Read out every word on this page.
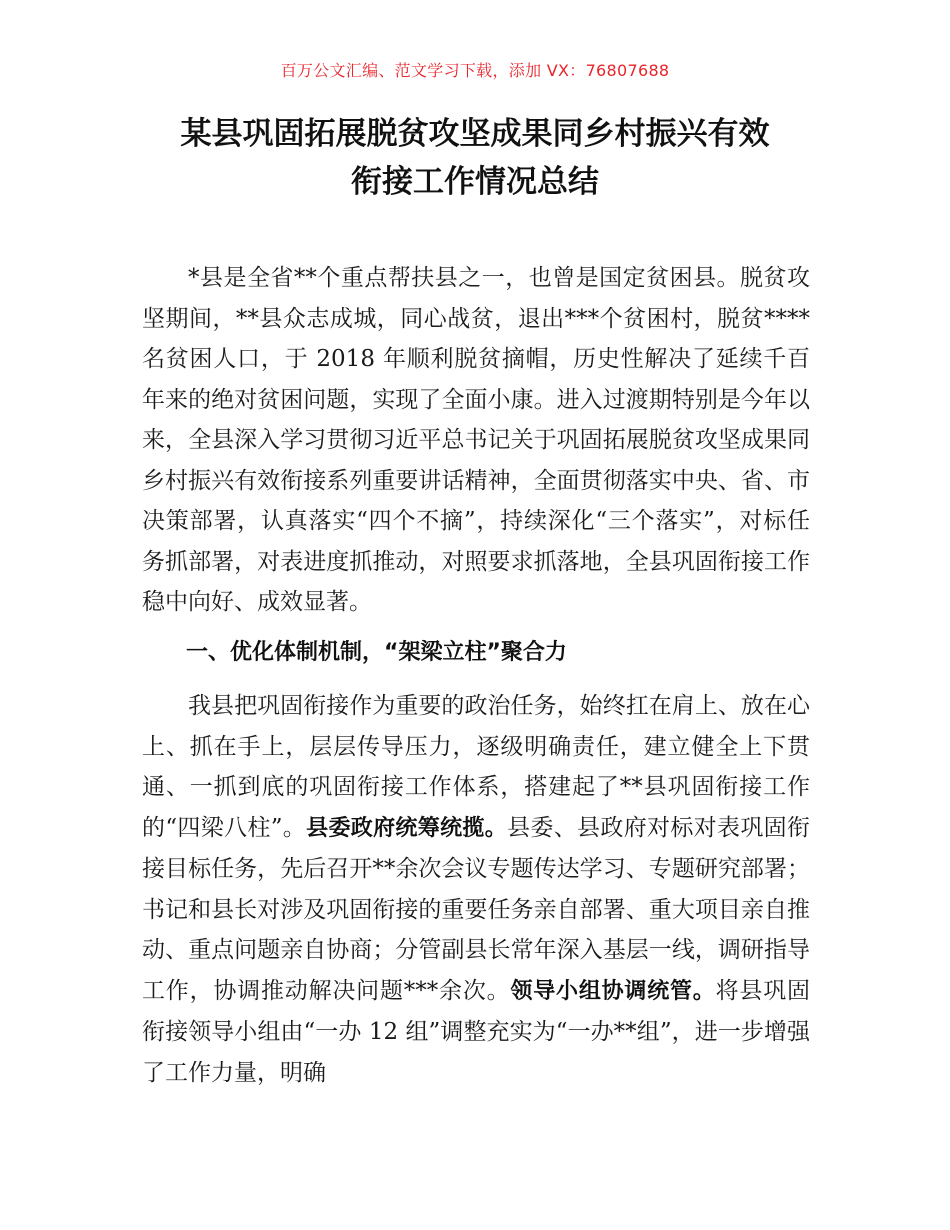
百万公文汇编、范文学习下载，添加 VX：76807688
某县巩固拓展脱贫攻坚成果同乡村振兴有效
衔接工作情况总结

*县是全省**个重点帮扶县之一，也曾是国定贫困县。脱贫攻坚期间，**县众志成城，同心战贫，退出***个贫困村，脱贫****名贫困人口，于 2018 年顺利脱贫摘帽，历史性解决了延续千百年来的绝对贫困问题，实现了全面小康。进入过渡期特别是今年以来，全县深入学习贯彻习近平总书记关于巩固拓展脱贫攻坚成果同乡村振兴有效衔接系列重要讲话精神，全面贯彻落实中央、省、市决策部署，认真落实“四个不摘”，持续深化“三个落实”，对标任务抓部署，对表进度抓推动，对照要求抓落地，全县巩固衔接工作稳中向好、成效显著。

一、优化体制机制，“架梁立柱”聚合力

我县把巩固衔接作为重要的政治任务，始终扛在肩上、放在心上、抓在手上，层层传导压力，逐级明确责任，建立健全上下贯通、一抓到底的巩固衔接工作体系，搭建起了**县巩固衔接工作的“四梁八柱”。县委政府统筹统揽。县委、县政府对标对表巩固衔接目标任务，先后召开**余次会议专题传达学习、专题研究部署；书记和县长对涉及巩固衔接的重要任务亲自部署、重大项目亲自推动、重点问题亲自协商；分管副县长常年深入基层一线，调研指导工作，协调推动解决问题***余次。领导小组协调统管。将县巩固衔接领导小组由“一办 12 组”调整充实为“一办**组”，进一步增强了工作力量，明确
